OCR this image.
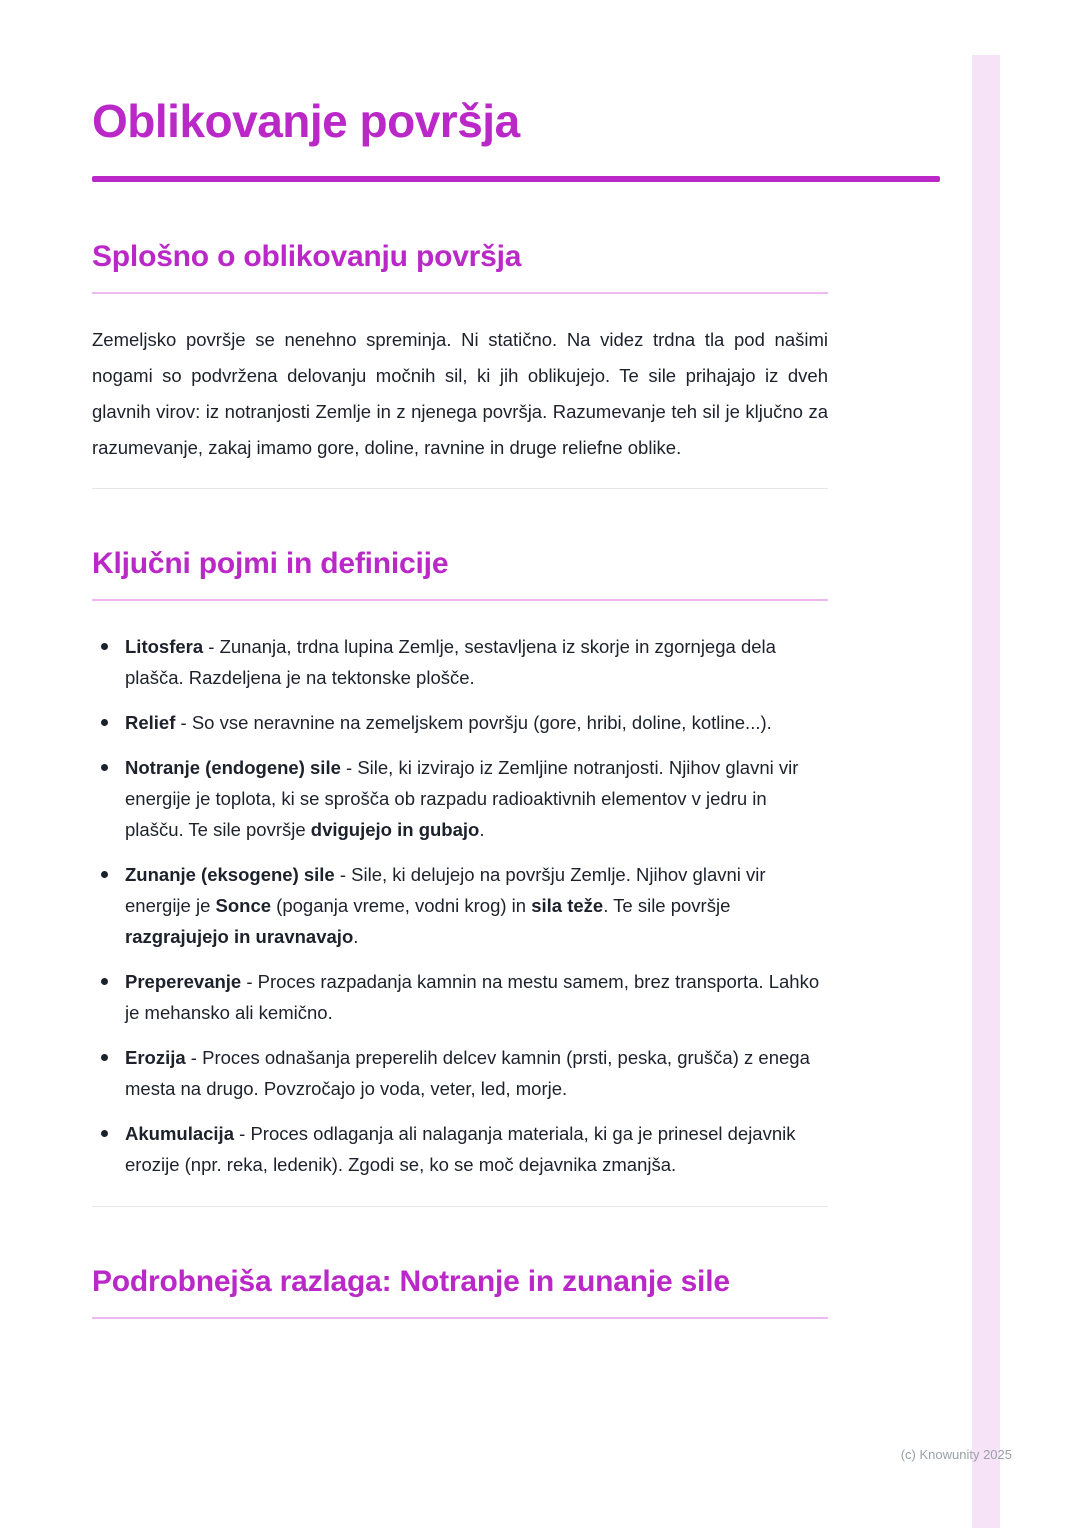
Oblikovanje površja
Splošno o oblikovanju površja

Zemeljsko površje se nenehno spreminja. Ni statično. Na videz trdna tla pod našimi nogami so podvržena delovanju močnih sil, ki jih oblikujejo. Te sile prihajajo iz dveh glavnih virov: iz notranjosti Zemlje in z njenega površja. Razumevanje teh sil je ključno za razumevanje, zakaj imamo gore, doline, ravnine in druge reliefne oblike.

Ključni pojmi in definicije
Litosfera - Zunanja, trdna lupina Zemlje, sestavljena iz skorje in zgornjega dela plašča. Razdeljena je na tektonske plošče.
Relief - So vse neravnine na zemeljskem površju (gore, hribi, doline, kotline...).
Notranje (endogene) sile - Sile, ki izvirajo iz Zemljine notranjosti. Njihov glavni vir energije je toplota, ki se sprošča ob razpadu radioaktivnih elementov v jedru in plašču. Te sile površje dvigujejo in gubajo.
Zunanje (eksogene) sile - Sile, ki delujejo na površju Zemlje. Njihov glavni vir energije je Sonce (poganja vreme, vodni krog) in sila teže. Te sile površje razgrajujejo in uravnavajo.
Preperevanje - Proces razpadanja kamnin na mestu samem, brez transporta. Lahko je mehansko ali kemično.
Erozija - Proces odnašanja preperelih delcev kamnin (prsti, peska, grušča) z enega mesta na drugo. Povzročajo jo voda, veter, led, morje.
Akumulacija - Proces odlaganja ali nalaganja materiala, ki ga je prinesel dejavnik erozije (npr. reka, ledenik). Zgodi se, ko se moč dejavnika zmanjša.
Podrobnejša razlaga: Notranje in zunanje sile
(c) Knowunity 2025
